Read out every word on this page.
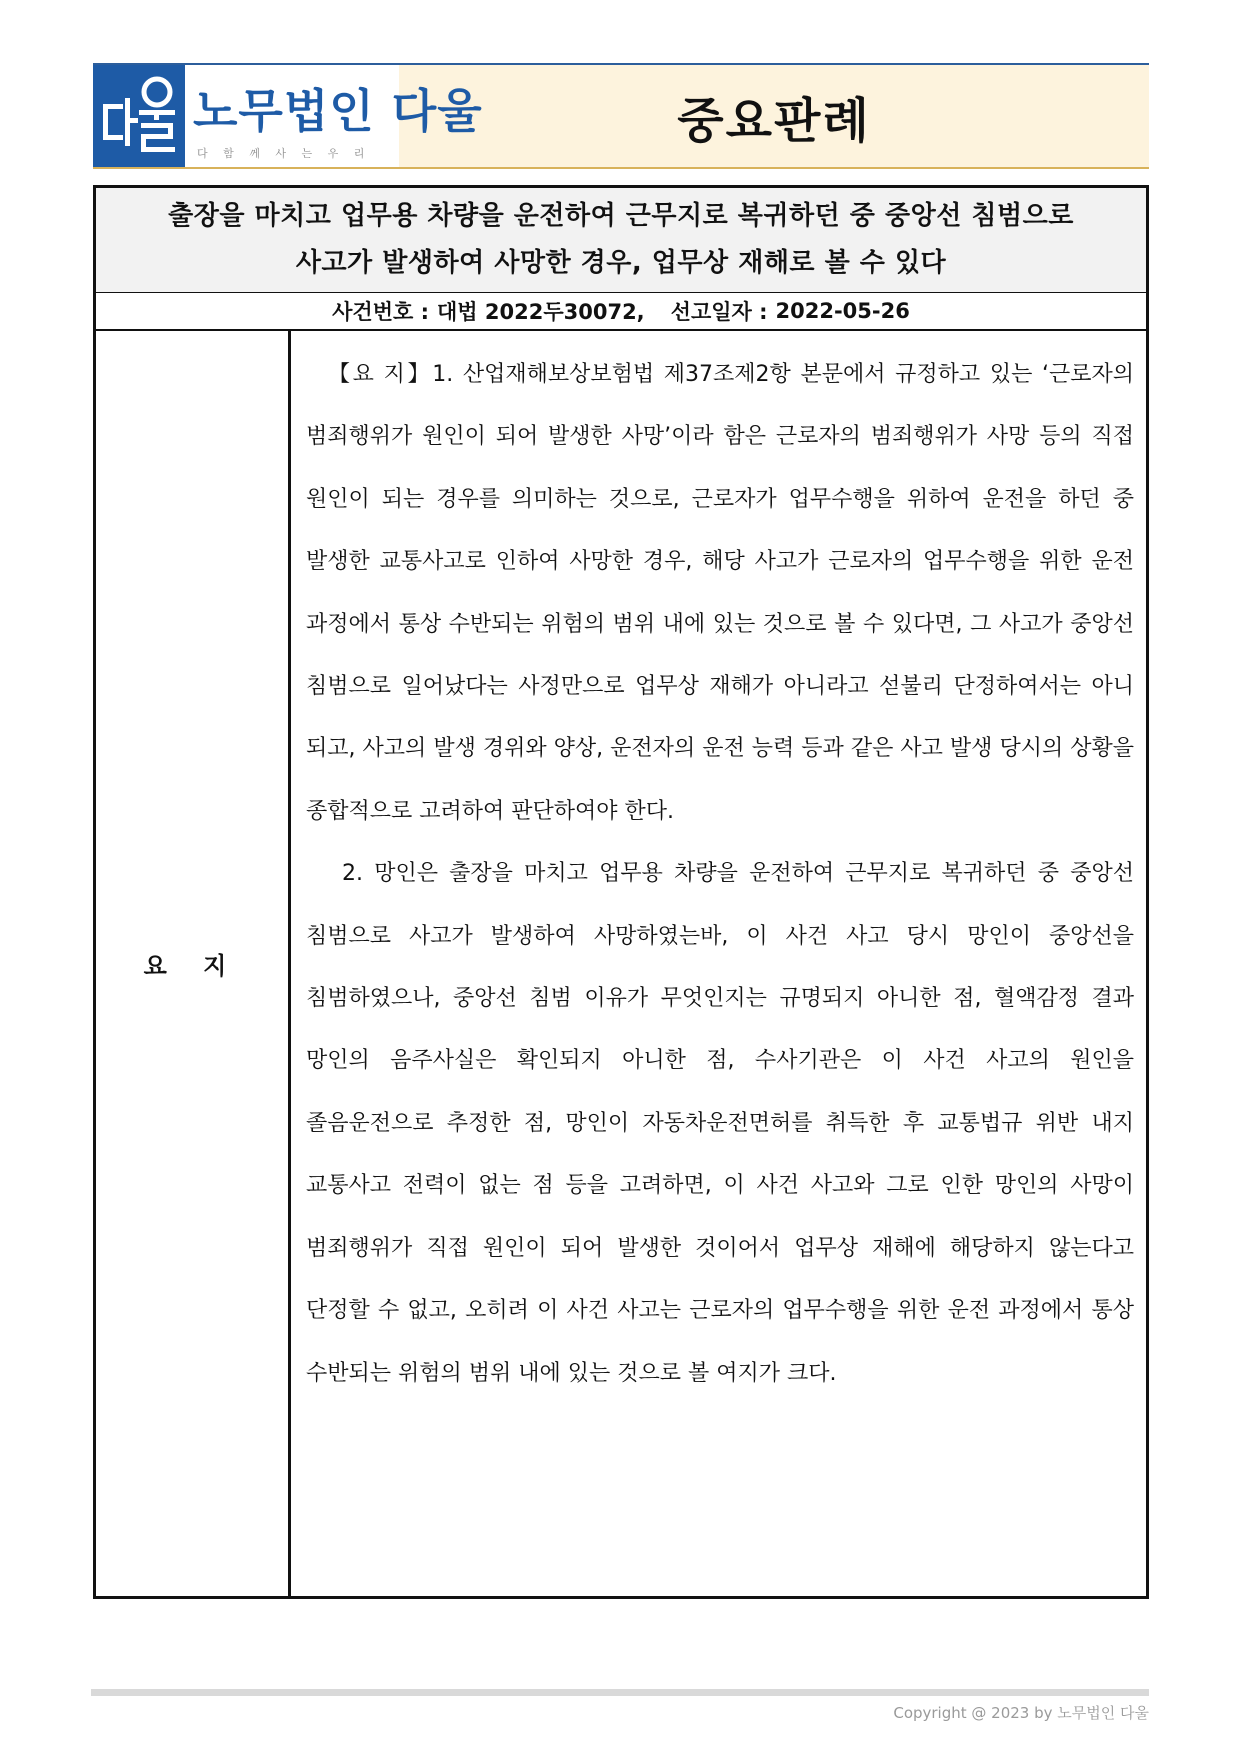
노무법인 다울
다 함 께 사 는 우 리
중요판례
출장을 마치고 업무용 차량을 운전하여 근무지로 복귀하던 중 중앙선 침범으로
사고가 발생하여 사망한 경우, 업무상 재해로 볼 수 있다
사건번호 : 대법 2022두30072, 선고일자 : 2022-05-26
요 지

【요 지】1. 산업재해보상보험법 제37조제2항 본문에서 규정하고 있는 ‘근로자의 범죄행위가 원인이 되어 발생한 사망’이라 함은 근로자의 범죄행위가 사망 등의 직접 원인이 되는 경우를 의미하는 것으로, 근로자가 업무수행을 위하여 운전을 하던 중 발생한 교통사고로 인하여 사망한 경우, 해당 사고가 근로자의 업무수행을 위한 운전 과정에서 통상 수반되는 위험의 범위 내에 있는 것으로 볼 수 있다면, 그 사고가 중앙선 침범으로 일어났다는 사정만으로 업무상 재해가 아니라고 섣불리 단정하여서는 아니 되고, 사고의 발생 경위와 양상, 운전자의 운전 능력 등과 같은 사고 발생 당시의 상황을 종합적으로 고려하여 판단하여야 한다.

2. 망인은 출장을 마치고 업무용 차량을 운전하여 근무지로 복귀하던 중 중앙선 침범으로 사고가 발생하여 사망하였는바, 이 사건 사고 당시 망인이 중앙선을 침범하였으나, 중앙선 침범 이유가 무엇인지는 규명되지 아니한 점, 혈액감정 결과 망인의 음주사실은 확인되지 아니한 점, 수사기관은 이 사건 사고의 원인을 졸음운전으로 추정한 점, 망인이 자동차운전면허를 취득한 후 교통법규 위반 내지 교통사고 전력이 없는 점 등을 고려하면, 이 사건 사고와 그로 인한 망인의 사망이 범죄행위가 직접 원인이 되어 발생한 것이어서 업무상 재해에 해당하지 않는다고 단정할 수 없고, 오히려 이 사건 사고는 근로자의 업무수행을 위한 운전 과정에서 통상 수반되는 위험의 범위 내에 있는 것으로 볼 여지가 크다.

Copyright @ 2023 by 노무법인 다울
